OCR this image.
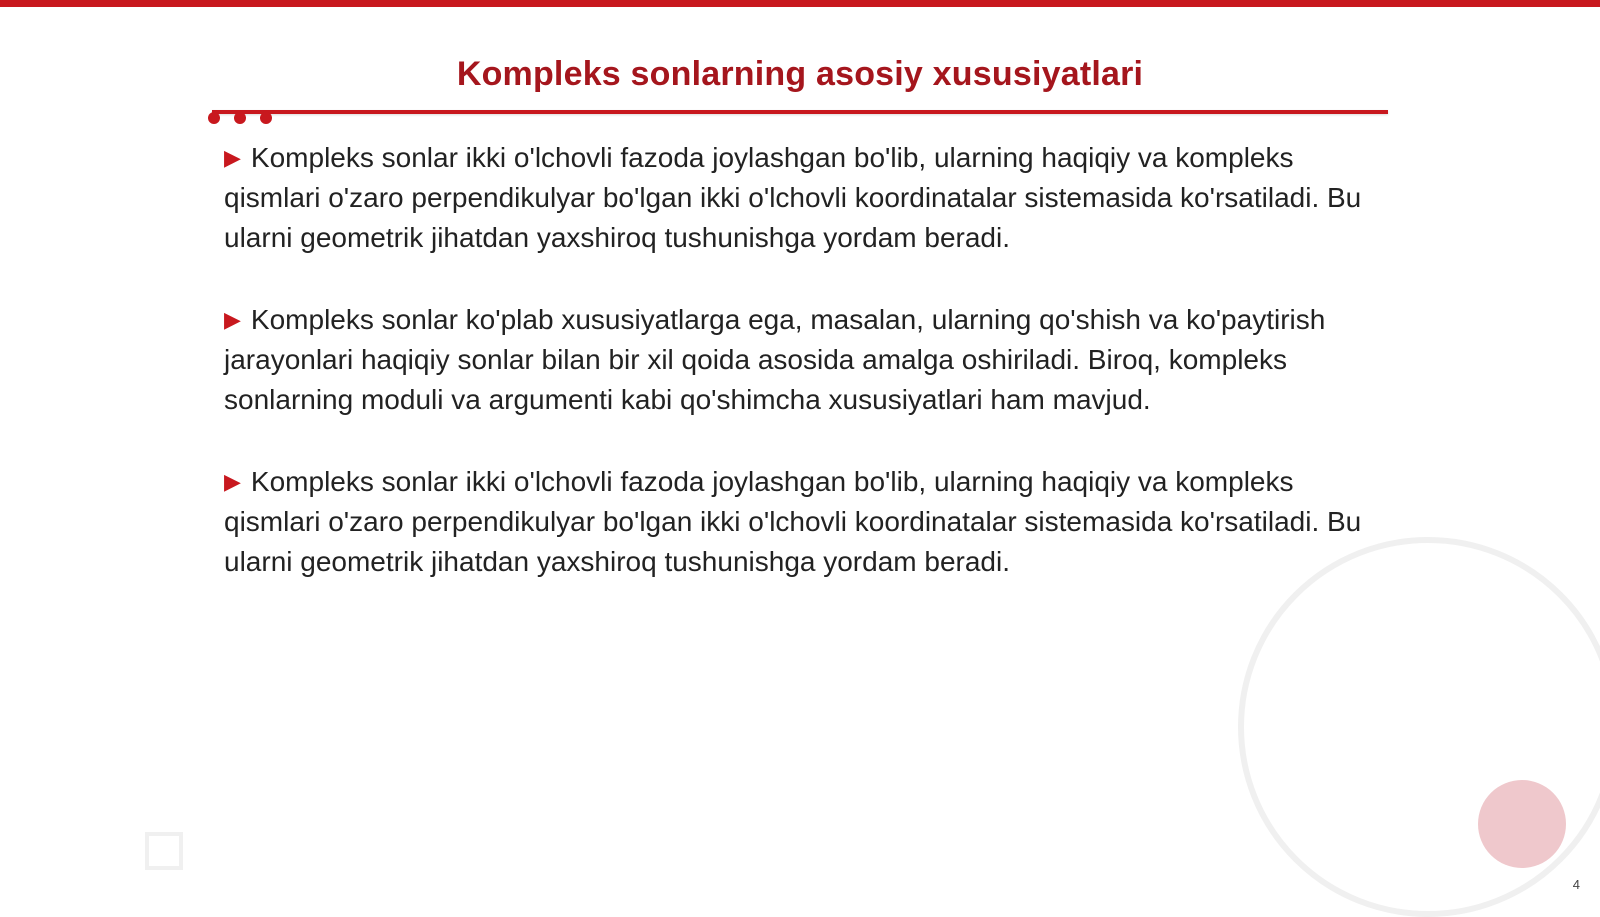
Kompleks sonlarning asosiy xususiyatlari

▶ Kompleks sonlar ikki o'lchovli fazoda joylashgan bo'lib, ularning haqiqiy va kompleks qismlari o'zaro perpendikulyar bo'lgan ikki o'lchovli koordinatalar sistemasida ko'rsatiladi. Bu ularni geometrik jihatdan yaxshiroq tushunishga yordam beradi.

▶ Kompleks sonlar ko'plab xususiyatlarga ega, masalan, ularning qo'shish va ko'paytirish jarayonlari haqiqiy sonlar bilan bir xil qoida asosida amalga oshiriladi. Biroq, kompleks sonlarning moduli va argumenti kabi qo'shimcha xususiyatlari ham mavjud.

▶ Kompleks sonlar ikki o'lchovli fazoda joylashgan bo'lib, ularning haqiqiy va kompleks qismlari o'zaro perpendikulyar bo'lgan ikki o'lchovli koordinatalar sistemasida ko'rsatiladi. Bu ularni geometrik jihatdan yaxshiroq tushunishga yordam beradi.

4
